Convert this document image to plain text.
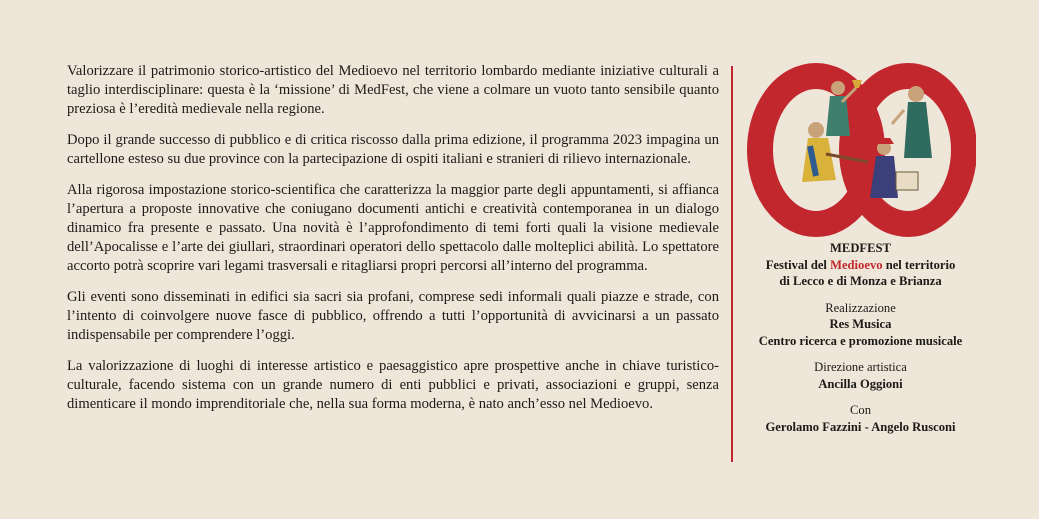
Valorizzare il patrimonio storico-artistico del Medioevo nel territorio lombardo mediante iniziative culturali a taglio interdisciplinare: questa è la ‘missione’ di MedFest, che viene a colmare un vuoto tanto sensibile quanto preziosa è l’eredità medievale nella regione.

Dopo il grande successo di pubblico e di critica riscosso dalla prima edizione, il programma 2023 impagina un cartellone esteso su due province con la partecipazione di ospiti italiani e stranieri di rilievo internazionale.

Alla rigorosa impostazione storico-scientifica che caratterizza la maggior parte degli appuntamenti, si affianca l’apertura a proposte innovative che coniugano documenti antichi e creatività contemporanea in un dialogo dinamico fra presente e passato. Una novità è l’approfondimento di temi forti quali la visione medievale dell’Apocalisse e l’arte dei giullari, straordinari operatori dello spettacolo dalle molteplici abilità. Lo spettatore accorto potrà scoprire vari legami trasversali e ritagliarsi propri percorsi all’interno del programma.

Gli eventi sono disseminati in edifici sia sacri sia profani, comprese sedi informali quali piazze e strade, con l’intento di coinvolgere nuove fasce di pubblico, offrendo a tutti l’opportunità di avvicinarsi a un passato indispensabile per comprendere l’oggi.

La valorizzazione di luoghi di interesse artistico e paesaggistico apre prospettive anche in chiave turistico-culturale, facendo sistema con un grande numero di enti pubblici e privati, associazioni e gruppi, senza dimenticare il mondo imprenditoriale che, nella sua forma moderna, è nato anch’esso nel Medioevo.

MEDFEST
Festival del Medioevo nel territorio
di Lecco e di Monza e Brianza
Realizzazione
Res Musica
Centro ricerca e promozione musicale
Direzione artistica
Ancilla Oggioni
Con
Gerolamo Fazzini - Angelo Rusconi
